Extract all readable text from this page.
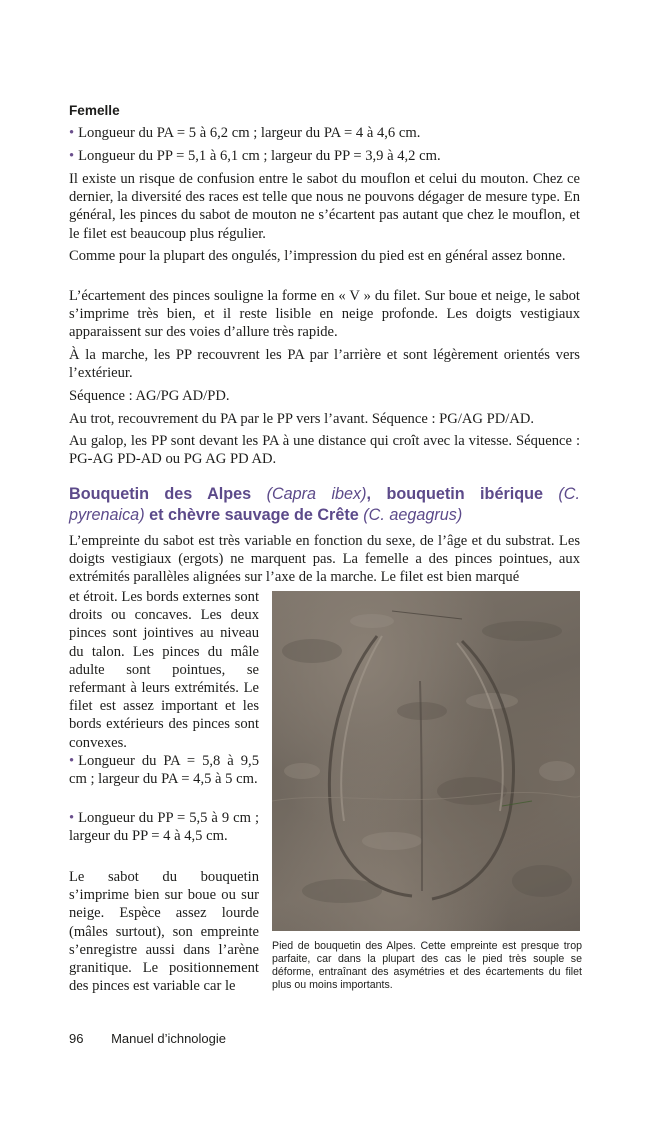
Femelle

• Longueur du PA = 5 à 6,2 cm ; largeur du PA = 4 à 4,6 cm.

• Longueur du PP = 5,1 à 6,1 cm ; largeur du PP = 3,9 à 4,2 cm.

Il existe un risque de confusion entre le sabot du mouflon et celui du mouton. Chez ce dernier, la diversité des races est telle que nous ne pouvons dégager de mesure type. En général, les pinces du sabot de mouton ne s’écartent pas autant que chez le mouflon, et le filet est beaucoup plus régulier.

Comme pour la plupart des ongulés, l’impression du pied est en général assez bonne.

L’écartement des pinces souligne la forme en « V » du filet. Sur boue et neige, le sabot s’imprime très bien, et il reste lisible en neige profonde. Les doigts vestigiaux apparaissent sur des voies d’allure très rapide.

À la marche, les PP recouvrent les PA par l’arrière et sont légèrement orientés vers l’extérieur.

Séquence : AG/PG AD/PD.

Au trot, recouvrement du PA par le PP vers l’avant. Séquence : PG/AG PD/AD.

Au galop, les PP sont devant les PA à une distance qui croît avec la vitesse. Séquence : PG-AG PD-AD ou PG AG PD AD.

Bouquetin des Alpes (Capra ibex), bouquetin ibérique (C. pyrenaica) et chèvre sauvage de Crête (C. aegagrus)

L’empreinte du sabot est très variable en fonction du sexe, de l’âge et du substrat. Les doigts vestigiaux (ergots) ne marquent pas. La femelle a des pinces pointues, aux extrémités parallèles alignées sur l’axe de la marche. Le filet est bien marqué

et étroit. Les bords externes sont droits ou concaves. Les deux pinces sont jointives au niveau du talon. Les pinces du mâle adulte sont pointues, se refermant à leurs extrémités. Le filet est assez important et les bords extérieurs des pinces sont convexes.

• Longueur du PA = 5,8 à 9,5 cm ; largeur du PA = 4,5 à 5 cm.

• Longueur du PP = 5,5 à 9 cm ; largeur du PP = 4 à 4,5 cm.

Le sabot du bouquetin s’imprime bien sur boue ou sur neige. Espèce assez lourde (mâles surtout), son empreinte s’enregistre aussi dans l’arène granitique. Le positionnement des pinces est variable car le

Pied de bouquetin des Alpes. Cette empreinte est presque trop parfaite, car dans la plupart des cas le pied très souple se déforme, entraînant des asymétries et des écartements du filet plus ou moins importants.

96 Manuel d’ichnologie
